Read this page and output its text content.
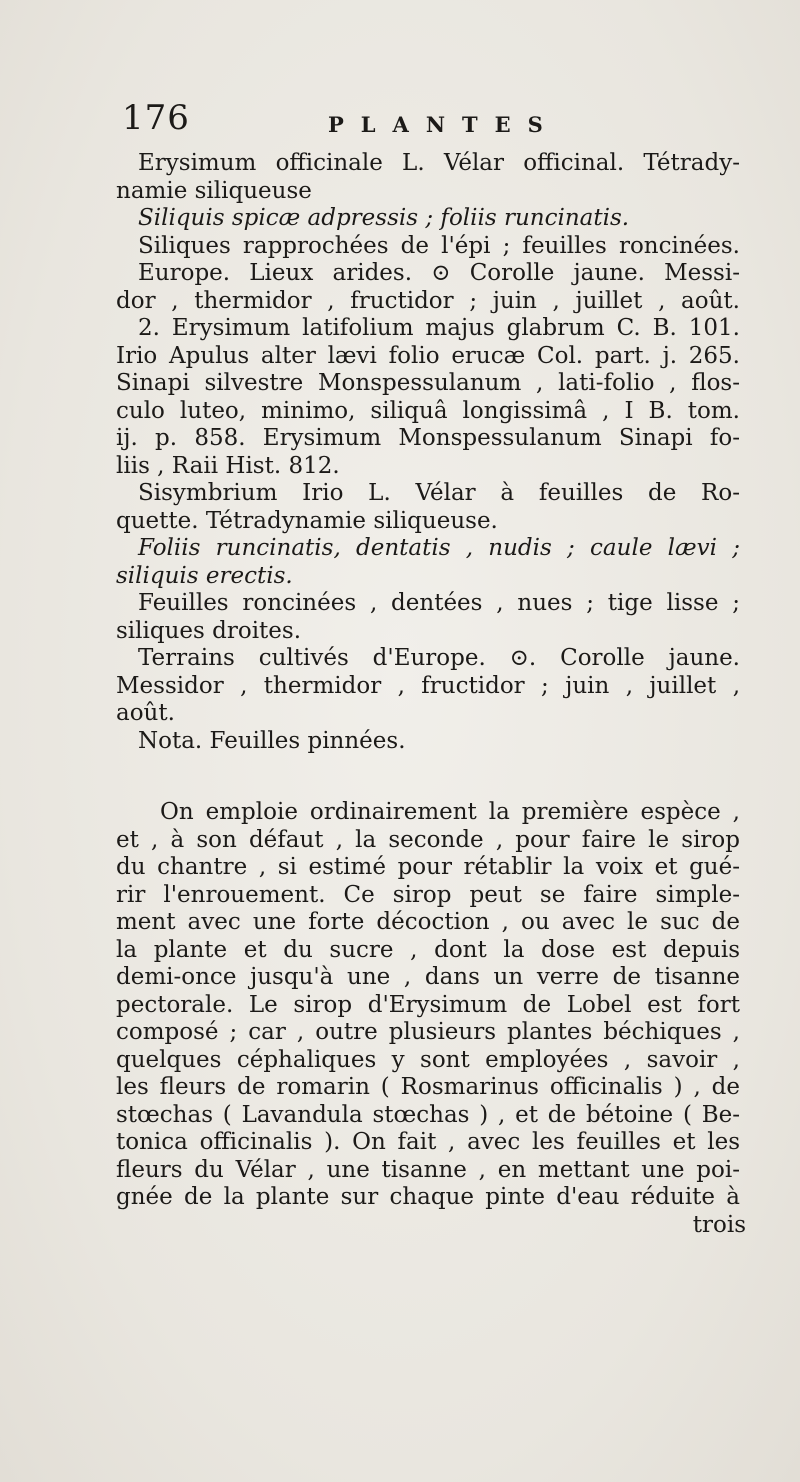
176	PLANTES
Erysimum officinale L. Vélar officinal. Tétrady-
namie siliqueuse
Siliquis spicæ adpressis ; foliis runcinatis.
Siliques rapprochées de l'épi ; feuilles roncinées.
Europe. Lieux arides. ⊙ Corolle jaune. Messi-
dor , thermidor , fructidor ; juin , juillet , août.
2. Erysimum latifolium majus glabrum C. B. 101.
Irio Apulus alter lævi folio erucæ Col. part. j. 265.
Sinapi silvestre Monspessulanum , lati-folio , flos-
culo luteo, minimo, siliquâ longissimâ , I B. tom.
ij. p. 858. Erysimum Monspessulanum Sinapi fo-
liis , Raii Hist. 812.
Sisymbrium Irio L. Vélar à feuilles de Ro-
quette. Tétradynamie siliqueuse.
Foliis runcinatis, dentatis , nudis ; caule lævi ;
siliquis erectis.
Feuilles roncinées , dentées , nues ; tige lisse ;
siliques droites.
Terrains cultivés d'Europe. ⊙. Corolle jaune.
Messidor , thermidor , fructidor ; juin , juillet ,
août.
Nota. Feuilles pinnées.
On emploie ordinairement la première espèce ,
et , à son défaut , la seconde , pour faire le sirop
du chantre , si estimé pour rétablir la voix et gué-
rir l'enrouement. Ce sirop peut se faire simple-
ment avec une forte décoction , ou avec le suc de
la plante et du sucre , dont la dose est depuis
demi-once jusqu'à une , dans un verre de tisanne
pectorale. Le sirop d'Erysimum de Lobel est fort
composé ; car , outre plusieurs plantes béchiques ,
quelques céphaliques y sont employées , savoir ,
les fleurs de romarin ( Rosmarinus officinalis ) , de
stœchas ( Lavandula stœchas ) , et de bétoine ( Be-
tonica officinalis ). On fait , avec les feuilles et les
fleurs du Vélar , une tisanne , en mettant une poi-
gnée de la plante sur chaque pinte d'eau réduite à
trois
